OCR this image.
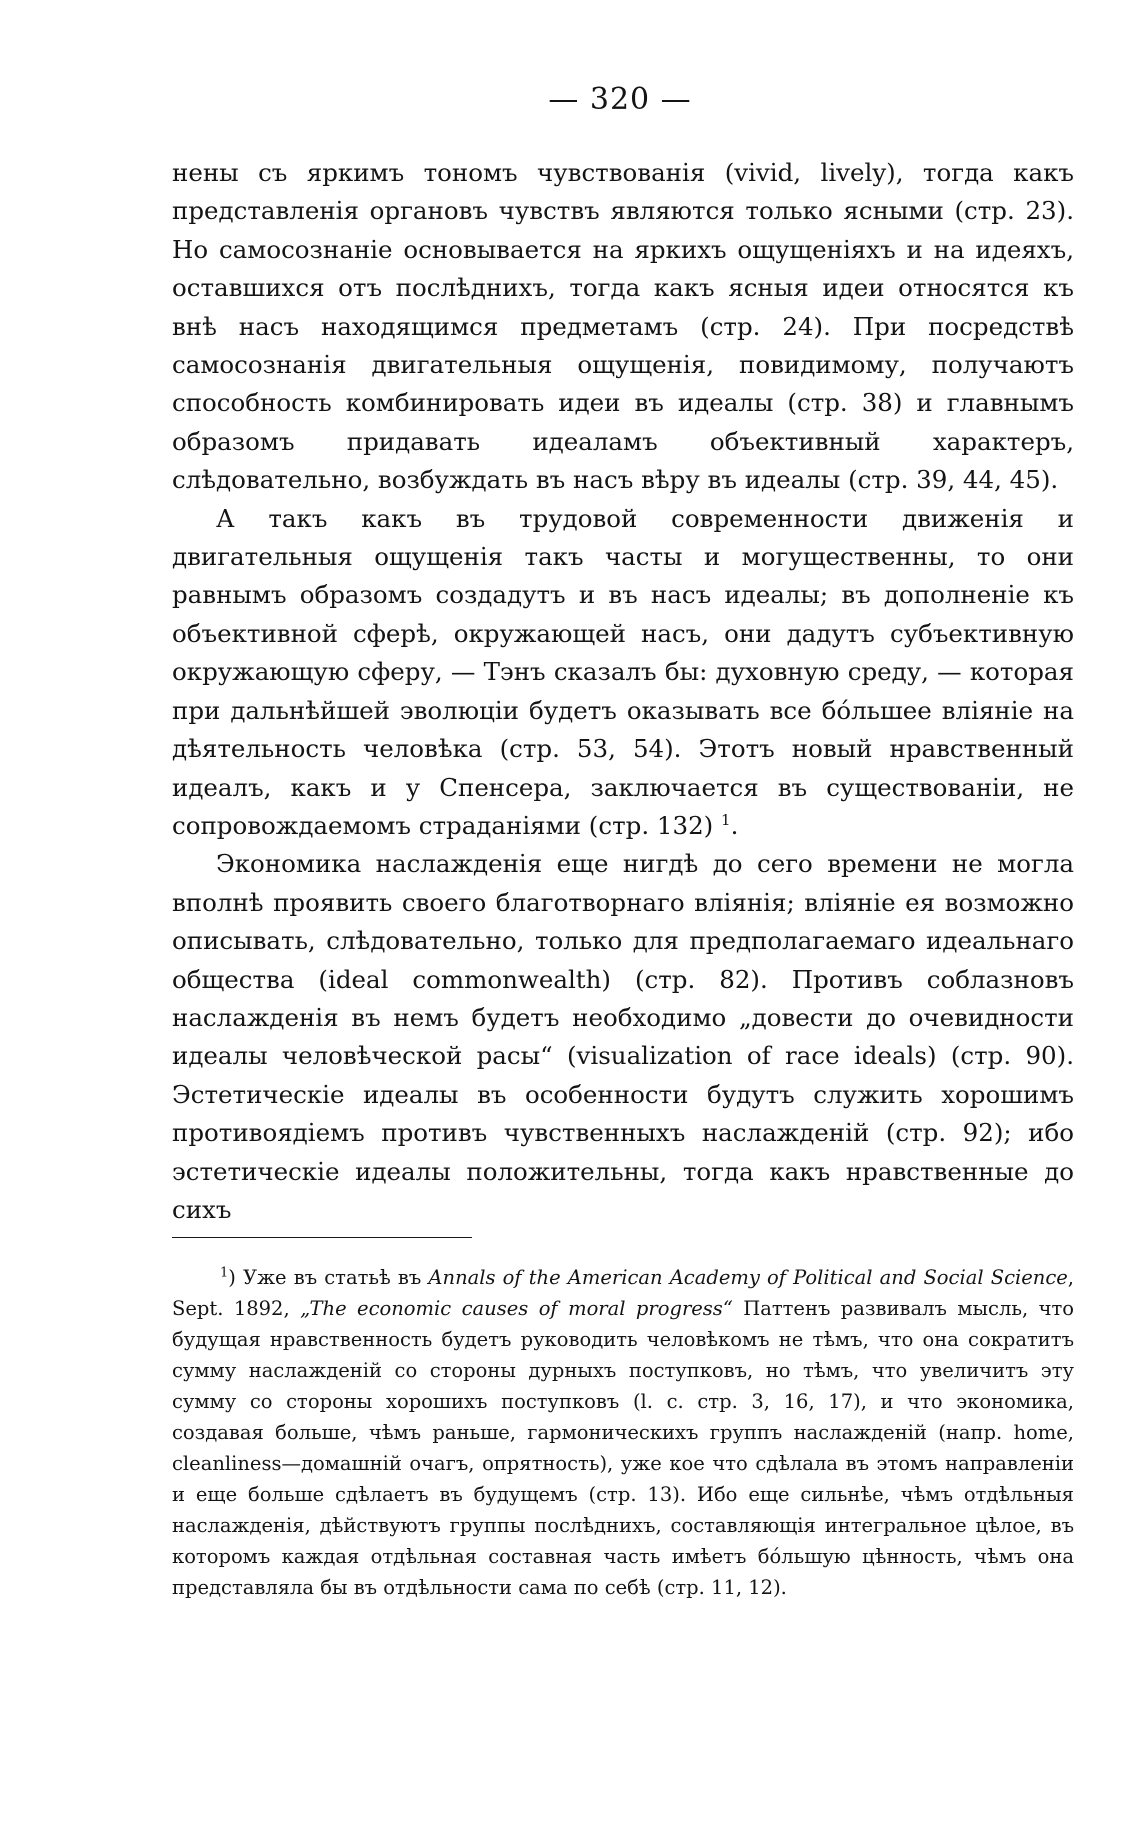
— 320 —

нены съ яркимъ тономъ чувствованія (vivid, lively), тогда какъ представленія органовъ чувствъ являются только ясными (стр. 23). Но самосознаніе основывается на яркихъ ощущеніяхъ и на идеяхъ, оставшихся отъ послѣднихъ, тогда какъ ясныя идеи относятся къ внѣ насъ находящимся предметамъ (стр. 24). При посредствѣ самосознанія двигательныя ощущенія, повидимому, получаютъ способность комбинировать идеи въ идеалы (стр. 38) и главнымъ образомъ придавать идеаламъ объективный характеръ, слѣдовательно, возбуждать въ насъ вѣру въ идеалы (стр. 39, 44, 45).

А такъ какъ въ трудовой современности движенія и двигательныя ощущенія такъ часты и могущественны, то они равнымъ образомъ создадутъ и въ насъ идеалы; въ дополненіе къ объективной сферѣ, окружающей насъ, они дадутъ субъективную окружающую сферу, — Тэнъ сказалъ бы: духовную среду, — которая при дальнѣйшей эволюціи будетъ оказывать все бóльшее вліяніе на дѣятельность человѣка (стр. 53, 54). Этотъ новый нравственный идеалъ, какъ и у Спенсера, заключается въ существованіи, не сопровождаемомъ страданіями (стр. 132) $^1$.

Экономика наслажденія еще нигдѣ до сего времени не могла вполнѣ проявить своего благотворнаго вліянія; вліяніе ея возможно описывать, слѣдовательно, только для предполагаемаго идеальнаго общества (ideal commonwealth) (стр. 82). Противъ соблазновъ наслажденія въ немъ будетъ необходимо „довести до очевидности идеалы человѣческой расы“ (visualization of race ideals) (стр. 90). Эстетическіе идеалы въ особенности будутъ служить хорошимъ противоядіемъ противъ чувственныхъ наслажденій (стр. 92); ибо эстетическіе идеалы положительны, тогда какъ нравственные до сихъ

$^1$) Уже въ статьѣ въ Annals of the American Academy of Political and Social Science, Sept. 1892, „The economic causes of moral progress“ Паттенъ развивалъ мысль, что будущая нравственность будетъ руководить человѣкомъ не тѣмъ, что она сократитъ сумму наслажденій со стороны дурныхъ поступковъ, но тѣмъ, что увеличитъ эту сумму со стороны хорошихъ поступковъ (l. c. стр. 3, 16, 17), и что экономика, создавая больше, чѣмъ раньше, гармоническихъ группъ наслажденій (напр. home, cleanliness—домашній очагъ, опрятность), уже кое что сдѣлала въ этомъ направленіи и еще больше сдѣлаетъ въ будущемъ (стр. 13). Ибо еще сильнѣе, чѣмъ отдѣльныя наслажденія, дѣйствуютъ группы послѣднихъ, составляющія интегральное цѣлое, въ которомъ каждая отдѣльная составная часть имѣетъ бóльшую цѣнность, чѣмъ она представляла бы въ отдѣльности сама по себѣ (стр. 11, 12).
